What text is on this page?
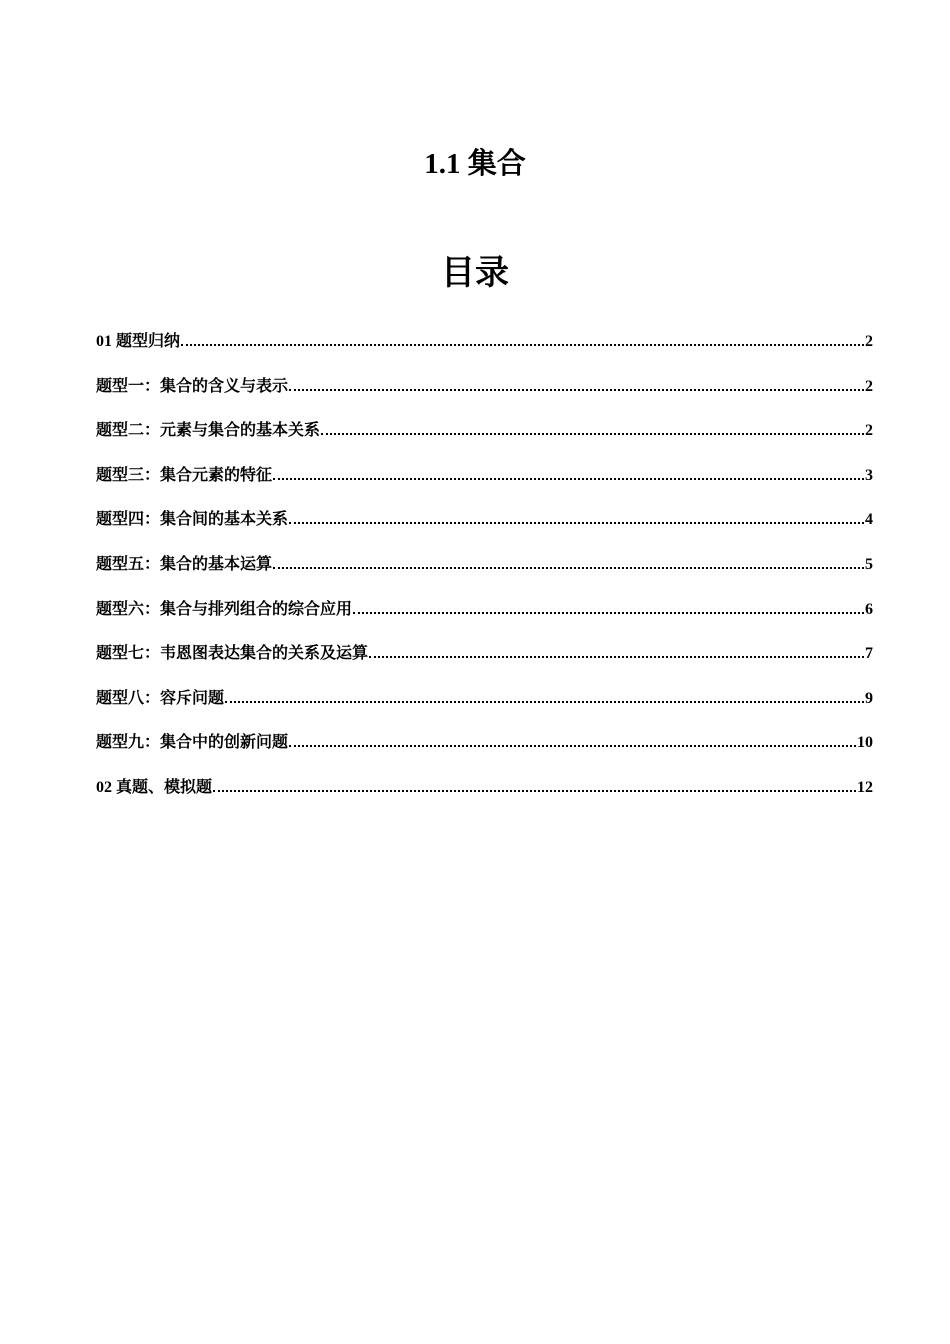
1.1 集合
目录
01 题型归纳	2
题型一：集合的含义与表示	2
题型二：元素与集合的基本关系	2
题型三：集合元素的特征	3
题型四：集合间的基本关系	4
题型五：集合的基本运算	5
题型六：集合与排列组合的综合应用	6
题型七：韦恩图表达集合的关系及运算	7
题型八：容斥问题	9
题型九：集合中的创新问题	10
02 真题、模拟题	12
